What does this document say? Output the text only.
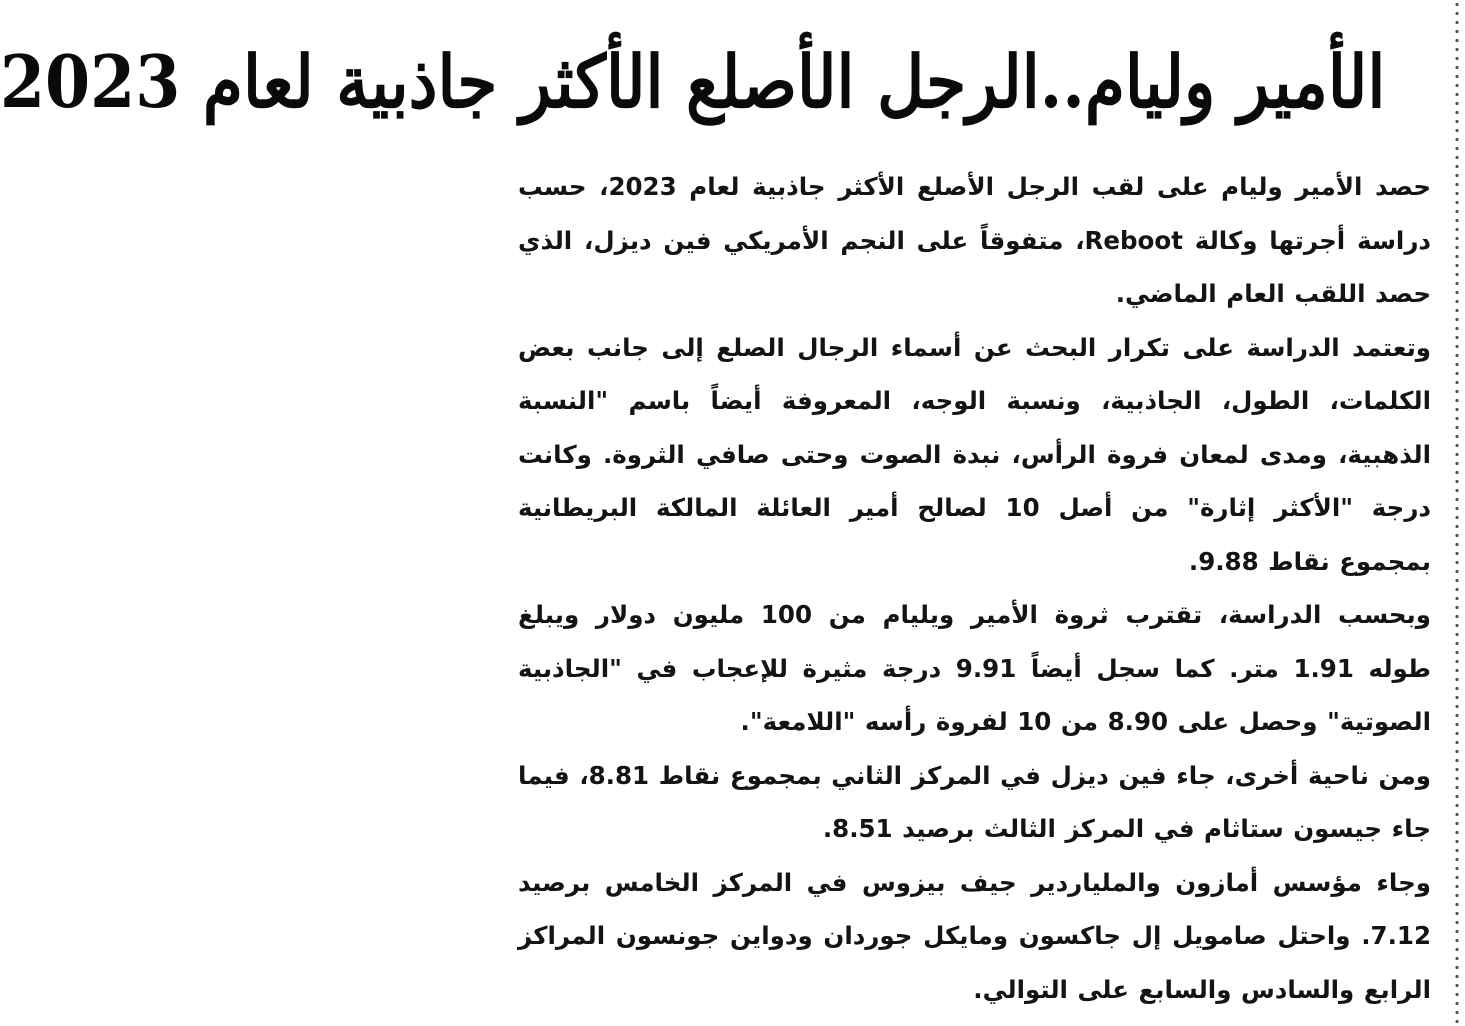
الأمير وليام..الرجل الأصلع الأكثر جاذبية لعام 2023

حصد الأمير وليام على لقب الرجل الأصلع الأكثر جاذبية لعام 2023، حسب دراسة أجرتها وكالة Reboot، متفوقاً على النجم الأمريكي فين ديزل، الذي حصد اللقب العام الماضي.

وتعتمد الدراسة على تكرار البحث عن أسماء الرجال الصلع إلى جانب بعض الكلمات، الطول، الجاذبية، ونسبة الوجه، المعروفة أيضاً باسم "النسبة الذهبية، ومدى لمعان فروة الرأس، نبدة الصوت وحتى صافي الثروة. وكانت درجة "الأكثر إثارة" من أصل 10 لصالح أمير العائلة المالكة البريطانية بمجموع نقاط 9.88.

وبحسب الدراسة، تقترب ثروة الأمير ويليام من 100 مليون دولار ويبلغ طوله 1.91 متر. كما سجل أيضاً 9.91 درجة مثيرة للإعجاب في "الجاذبية الصوتية" وحصل على 8.90 من 10 لفروة رأسه "اللامعة".

ومن ناحية أخرى، جاء فين ديزل في المركز الثاني بمجموع نقاط 8.81، فيما جاء جيسون ستاثام في المركز الثالث برصيد 8.51.

وجاء مؤسس أمازون والملياردير جيف بيزوس في المركز الخامس برصيد 7.12. واحتل صامويل إل جاكسون ومايكل جوردان ودواين جونسون المراكز الرابع والسادس والسابع على التوالي.
